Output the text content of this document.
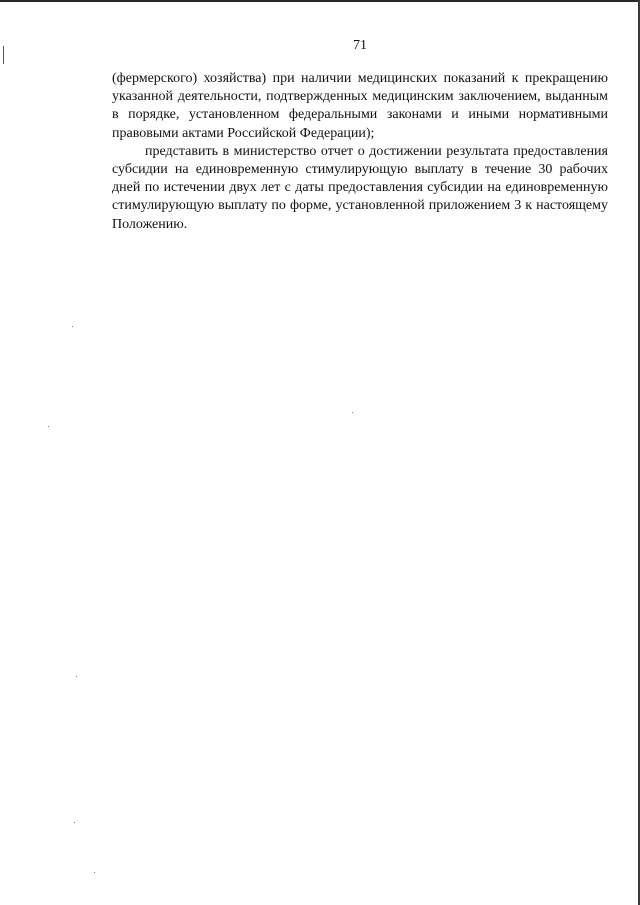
71

(фермерского) хозяйства) при наличии медицинских показаний к прекращению указанной деятельности, подтвержденных медицинским заключением, выданным в порядке, установленном федеральными законами и иными нормативными правовыми актами Российской Федерации);

представить в министерство отчет о достижении результата предоставления субсидии на единовременную стимулирующую выплату в течение 30 рабочих дней по истечении двух лет с даты предоставления субсидии на единовременную стимулирующую выплату по форме, установленной приложением 3 к настоящему Положению.
